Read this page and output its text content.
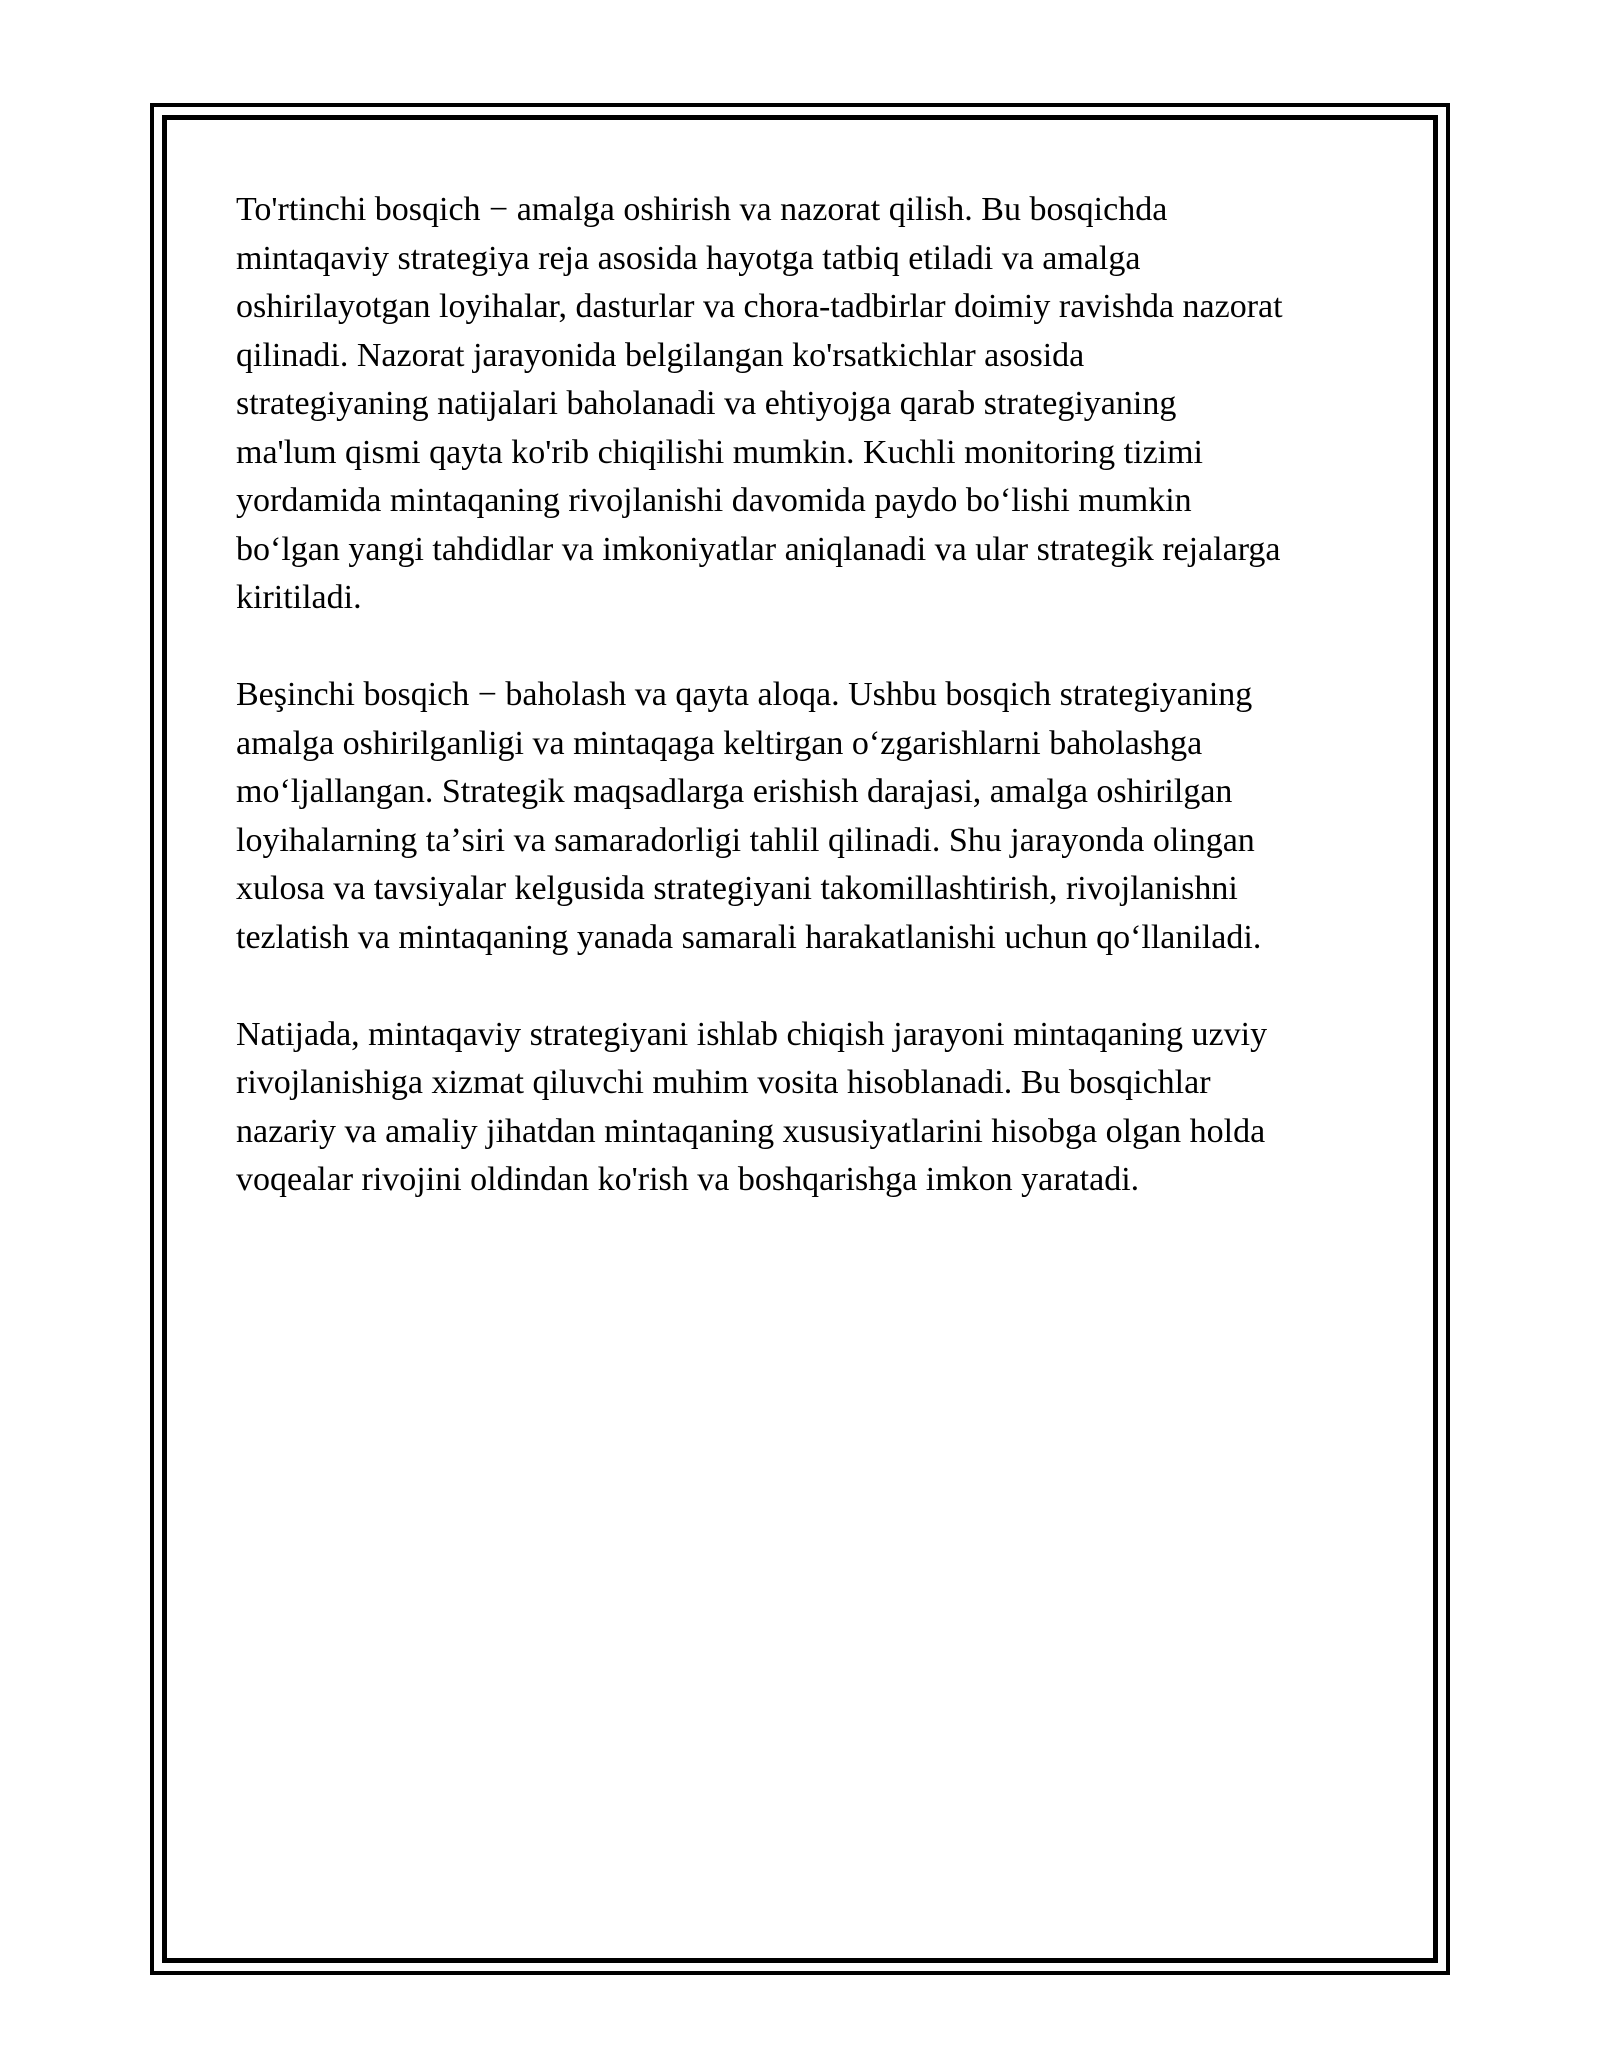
To'rtinchi bosqich − amalga oshirish va nazorat qilish. Bu bosqichda
mintaqaviy strategiya reja asosida hayotga tatbiq etiladi va amalga
oshirilayotgan loyihalar, dasturlar va chora-tadbirlar doimiy ravishda nazorat
qilinadi. Nazorat jarayonida belgilangan ko'rsatkichlar asosida
strategiyaning natijalari baholanadi va ehtiyojga qarab strategiyaning
ma'lum qismi qayta ko'rib chiqilishi mumkin. Kuchli monitoring tizimi
yordamida mintaqaning rivojlanishi davomida paydo boʻlishi mumkin
boʻlgan yangi tahdidlar va imkoniyatlar aniqlanadi va ular strategik rejalarga
kiritiladi.

Beşinchi bosqich − baholash va qayta aloqa. Ushbu bosqich strategiyaning
amalga oshirilganligi va mintaqaga keltirgan oʻzgarishlarni baholashga
moʻljallangan. Strategik maqsadlarga erishish darajasi, amalga oshirilgan
loyihalarning taʼsiri va samaradorligi tahlil qilinadi. Shu jarayonda olingan
xulosa va tavsiyalar kelgusida strategiyani takomillashtirish, rivojlanishni
tezlatish va mintaqaning yanada samarali harakatlanishi uchun qoʻllaniladi.

Natijada, mintaqaviy strategiyani ishlab chiqish jarayoni mintaqaning uzviy
rivojlanishiga xizmat qiluvchi muhim vosita hisoblanadi. Bu bosqichlar
nazariy va amaliy jihatdan mintaqaning xususiyatlarini hisobga olgan holda
voqealar rivojini oldindan ko'rish va boshqarishga imkon yaratadi.
